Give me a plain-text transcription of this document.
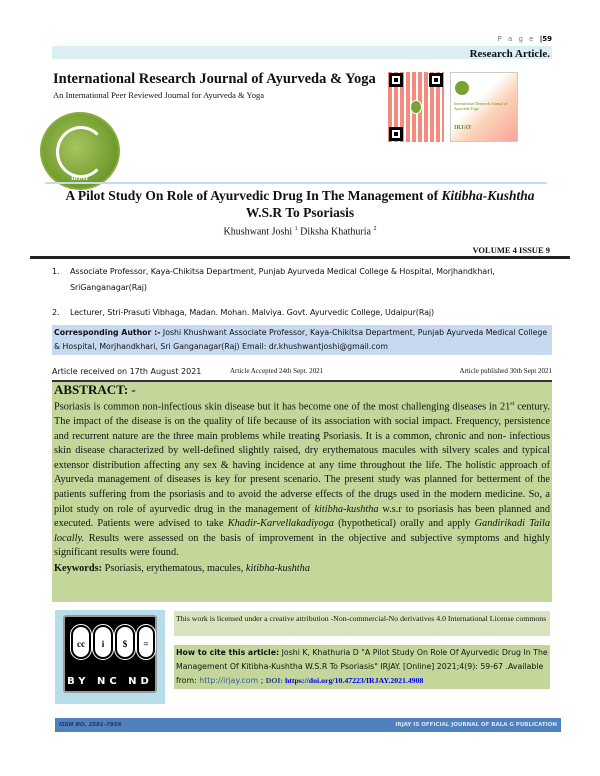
P a g e |59
Research Article.
International Research Journal of Ayurveda & Yoga
An International Peer Reviewed Journal for Ayurveda & Yoga
IRJAY
International Research Journal of Ayurveda Yoga
IRJAY
A Pilot Study On Role of Ayurvedic Drug In The Management of Kitibha-Kushtha
W.S.R To Psoriasis
Khushwant Joshi $^1$ Diksha Khathuria $^2$
VOLUME 4 ISSUE 9
1. Associate Professor, Kaya-Chikitsa Department, Punjab Ayurveda Medical College & Hospital, Morjhandkhari,
SriGanganagar(Raj)
2. Lecturer, Stri-Prasuti Vibhaga, Madan. Mohan. Malviya. Govt. Ayurvedic College, Udaipur(Raj)
Corresponding Author :- Joshi Khushwant Associate Professor, Kaya-Chikitsa Department, Punjab Ayurveda Medical College & Hospital, Morjhandkhari, Sri Ganganagar(Raj) Email: dr.khushwantjoshi@gmail.com
Article received on 17th August 2021	Article Accepted 24th Sept. 2021	Article published 30th Sept 2021
ABSTRACT: -
Psoriasis is common non-infectious skin disease but it has become one of the most challenging diseases in 21st century. The impact of the disease is on the quality of life because of its association with social impact. Frequency, persistence and recurrent nature are the three main problems while treating Psoriasis. It is a common, chronic and non- infectious skin disease characterized by well-defined slightly raised, dry erythematous macules with silvery scales and typical extensor distribution affecting any sex & having incidence at any time throughout the life. The holistic approach of Ayurveda management of diseases is key for present scenario. The present study was planned for betterment of the patients suffering from the psoriasis and to avoid the adverse effects of the drugs used in the modern medicine. So, a pilot study on role of ayurvedic drug in the management of kitibha-kushtha w.s.r to psoriasis has been planned and executed. Patients were advised to take Khadir-Karvellakadiyoga (hypothetical) orally and apply Gandirikadi Taila locally. Results were assessed on the basis of improvement in the objective and subjective symptoms and highly significant results were found.
Keywords: Psoriasis, erythematous, macules, kitibha-kushtha
cc	i	$	=
BY NC ND
This work is licensed under a creative attribution -Non-commercial-No derivatives 4.0 International License commons
How to cite this article: Joshi K, Khathuria D "A Pilot Study On Role Of Ayurvedic Drug In The Management Of Kitibha-Kushtha W.S.R To Psoriasis" IRJAY. [Online] 2021;4(9): 59-67 .Available from: http://irjay.com ; DOI: https://doi.org/10.47223/IRJAY.2021.4908
ISSN NO. 2581-785X	IRJAY IS OFFICIAL JOURNAL OF BALA G PUBLICATION
